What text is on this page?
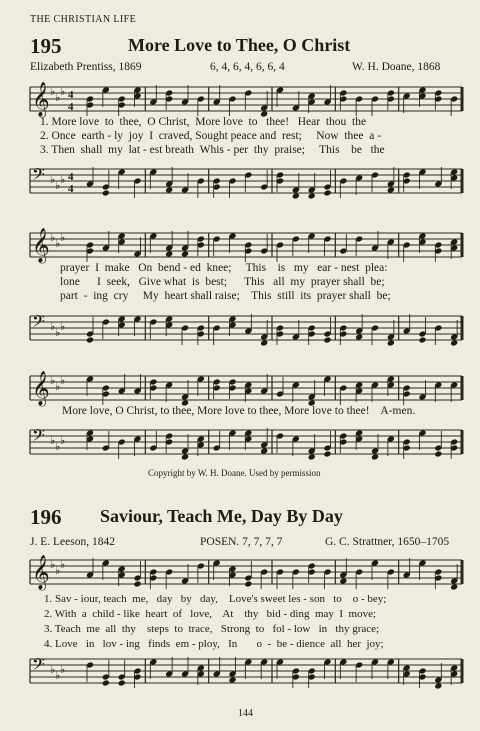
THE CHRISTIAN LIFE
195	More Love to Thee, O Christ
Elizabeth Prentiss, 1869	6, 4, 6, 4, 6, 6, 4	W. H. Doane, 1868
𝄞 ♭ ♭ ♭ 4
4
1. More love  to  thee,  O Christ,  More love  to   thee!   Hear  thou  the
2. Once  earth - ly  joy  I  craved, Sought peace and  rest;     Now  thee  a -
3. Then  shall  my  lat - est breath  Whis - per  thy  praise;     This    be   the
𝄢 ♭ ♭ ♭ 4
4
𝄞 ♭ ♭ ♭
prayer  I  make   On  bend - ed  knee;     This    is   my   ear - nest  plea:
lone      I  seek,   Give what  is  best;      This   all  my  prayer shall  be;
part  -  ing  cry     My  heart shall raise;    This  still  its  prayer shall  be;
𝄢 ♭ ♭ ♭
𝄞 ♭ ♭ ♭
More love, O Christ, to thee, More love to thee, More love to thee!    A-men.
𝄢 ♭ ♭ ♭
Copyright by W. H. Doane. Used by permission
196 Saviour, Teach Me, Day By Day
J. E. Leeson, 1842	POSEN. 7, 7, 7, 7	G. C. Strattner, 1650–1705
𝄞 ♭ ♭ ♭
1. Sav - iour, teach  me,   day   by   day,    Love's sweet les - son   to    o - bey;
2. With  a  child - like  heart  of   love,    At    thy   bid - ding  may  I  move;
3. Teach  me  all  thy    steps  to  trace,   Strong  to   fol - low   in   thy grace;
4. Love   in   lov - ing   finds  em - ploy,   In       o  -  be - dience  all  her  joy;
𝄢 ♭ ♭ ♭
144
